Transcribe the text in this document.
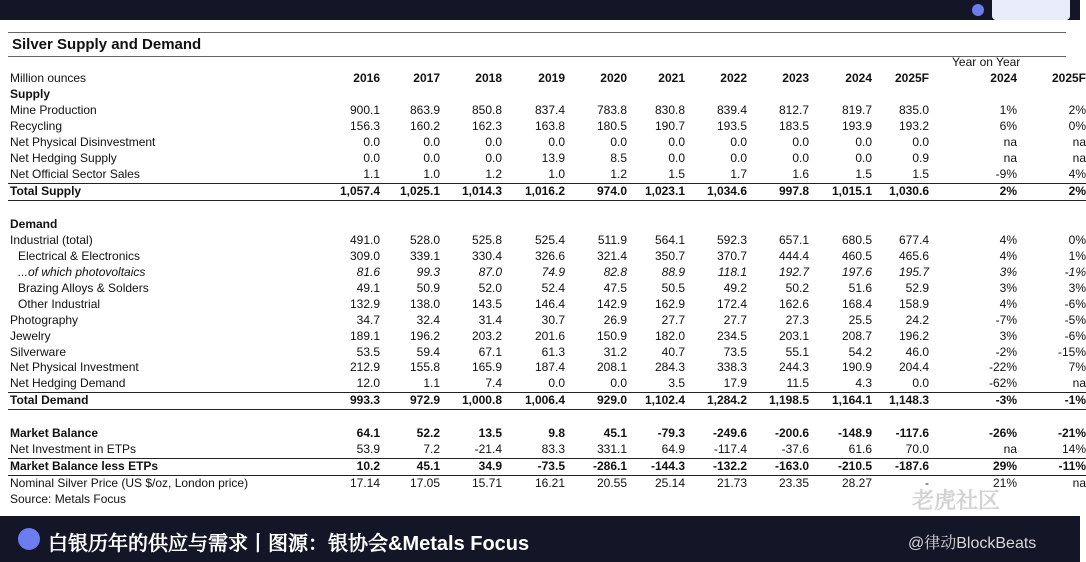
Silver Supply and Demand
Year on Year
Million ounces	2016	2017	2018	2019	2020	2021	2022	2023	2024	2025F	2024	2025F
Supply													
Mine Production	900.1	863.9	850.8	837.4	783.8	830.8	839.4	812.7	819.7	835.0		1%	2%
Recycling	156.3	160.2	162.3	163.8	180.5	190.7	193.5	183.5	193.9	193.2		6%	0%
Net Physical Disinvestment	0.0	0.0	0.0	0.0	0.0	0.0	0.0	0.0	0.0	0.0		na	na
Net Hedging Supply	0.0	0.0	0.0	13.9	8.5	0.0	0.0	0.0	0.0	0.9		na	na
Net Official Sector Sales	1.1	1.0	1.2	1.0	1.2	1.5	1.7	1.6	1.5	1.5		-9%	4%
Total Supply	1,057.4	1,025.1	1,014.3	1,016.2	974.0	1,023.1	1,034.6	997.8	1,015.1	1,030.6		2%	2%

Demand													
Industrial (total)	491.0	528.0	525.8	525.4	511.9	564.1	592.3	657.1	680.5	677.4		4%	0%
Electrical & Electronics	309.0	339.1	330.4	326.6	321.4	350.7	370.7	444.4	460.5	465.6		4%	1%
...of which photovoltaics	81.6	99.3	87.0	74.9	82.8	88.9	118.1	192.7	197.6	195.7		3%	-1%
Brazing Alloys & Solders	49.1	50.9	52.0	52.4	47.5	50.5	49.2	50.2	51.6	52.9		3%	3%
Other Industrial	132.9	138.0	143.5	146.4	142.9	162.9	172.4	162.6	168.4	158.9		4%	-6%
Photography	34.7	32.4	31.4	30.7	26.9	27.7	27.7	27.3	25.5	24.2		-7%	-5%
Jewelry	189.1	196.2	203.2	201.6	150.9	182.0	234.5	203.1	208.7	196.2		3%	-6%
Silverware	53.5	59.4	67.1	61.3	31.2	40.7	73.5	55.1	54.2	46.0		-2%	-15%
Net Physical Investment	212.9	155.8	165.9	187.4	208.1	284.3	338.3	244.3	190.9	204.4		-22%	7%
Net Hedging Demand	12.0	1.1	7.4	0.0	0.0	3.5	17.9	11.5	4.3	0.0		-62%	na
Total Demand	993.3	972.9	1,000.8	1,006.4	929.0	1,102.4	1,284.2	1,198.5	1,164.1	1,148.3		-3%	-1%

Market Balance	64.1	52.2	13.5	9.8	45.1	-79.3	-249.6	-200.6	-148.9	-117.6		-26%	-21%
Net Investment in ETPs	53.9	7.2	-21.4	83.3	331.1	64.9	-117.4	-37.6	61.6	70.0		na	14%
Market Balance less ETPs	10.2	45.1	34.9	-73.5	-286.1	-144.3	-132.2	-163.0	-210.5	-187.6		29%	-11%
Nominal Silver Price (US $/oz, London price)	17.14	17.05	15.71	16.21	20.55	25.14	21.73	23.35	28.27	-		21%	na
Source: Metals Focus														老虎社区
白银历年的供应与需求丨图源：银协会&Metals Focus	@律动BlockBeats
